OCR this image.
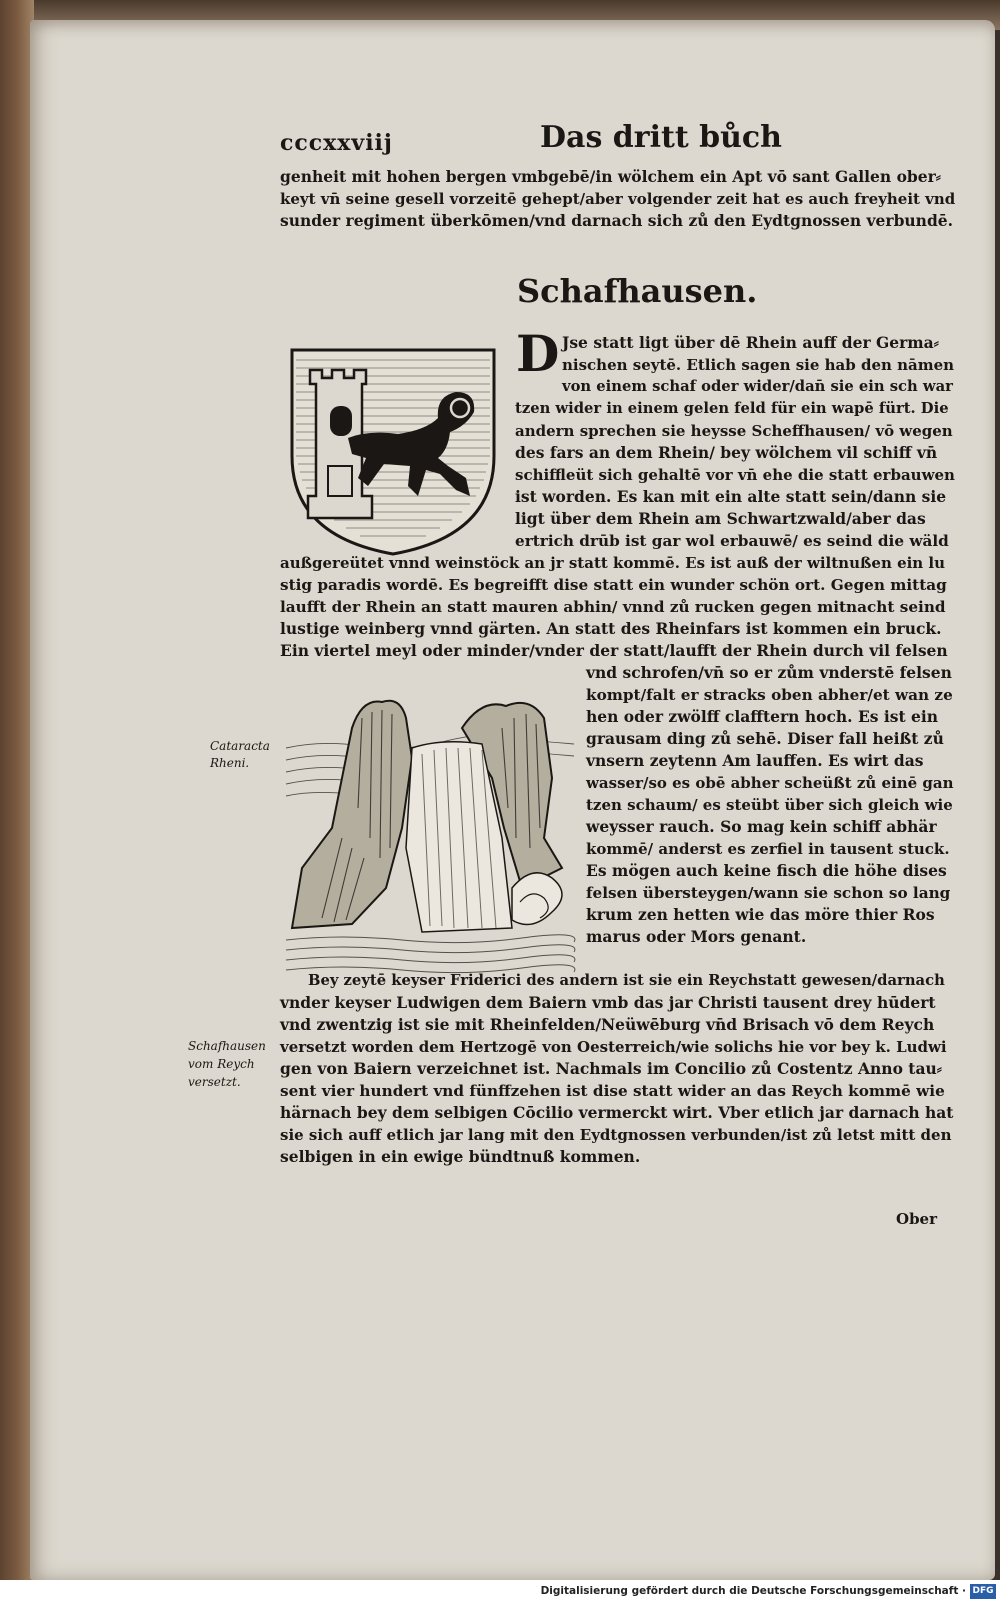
cccxxviij	Das dritt bůch
genheit mit hohen bergen vmbgebē/in wölchem ein Apt vō sant Gallen ober⸗
keyt vn̄ seine gesell vorzeitē gehept/aber volgender zeit hat es auch freyheit vnd
sunder regiment überkōmen/vnd darnach sich zů den Eydtgnossen verbundē.
Schafhausen.
D Jse statt ligt über dē Rhein auff der Germa⸗
nischen seytē. Etlich sagen sie hab den nāmen
von einem schaf oder wider/dan̄ sie ein sch war
tzen wider in einem gelen feld für ein wapē fürt. Die
andern sprechen sie heysse Scheffhausen/ vō wegen
des fars an dem Rhein/ bey wölchem vil schiff vn̄
schiffleüt sich gehaltē vor vn̄ ehe die statt erbauwen
ist worden. Es kan mit ein alte statt sein/dann sie
ligt über dem Rhein am Schwartzwald/aber das
ertrich drūb ist gar wol erbauwē/ es seind die wäld
außgereütet vnnd weinstöck an jr statt kommē. Es ist auß der wiltnußen ein lu
stig paradis wordē. Es begreifft dise statt ein wunder schön ort. Gegen mittag
laufft der Rhein an statt mauren abhin/ vnnd zů rucken gegen mitnacht seind
lustige weinberg vnnd gärten. An statt des Rheinfars ist kommen ein bruck.
Ein viertel meyl oder minder/vnder der statt/laufft der Rhein durch vil felsen
Cataracta
Rheni.
vnd schrofen/vn̄ so er zům vnderstē felsen
kompt/falt er stracks oben abher/et wan ze
hen oder zwölff clafftern hoch. Es ist ein
grausam ding zů sehē. Diser fall heißt zů
vnsern zeytenn Am lauffen. Es wirt das
wasser/so es obē abher scheüßt zů einē gan
tzen schaum/ es steübt über sich gleich wie
weysser rauch. So mag kein schiff abhär
kommē/ anderst es zerfiel in tausent stuck.
Es mögen auch keine fisch die höhe dises
felsen übersteygen/wann sie schon so lang
krum zen hetten wie das möre thier Ros
marus oder Mors genant.
Schafhausen
vom Reych
versetzt.
Bey zeytē keyser Friderici des andern ist sie ein Reychstatt gewesen/darnach
vnder keyser Ludwigen dem Baiern vmb das jar Christi tausent drey hūdert
vnd zwentzig ist sie mit Rheinfelden/Neüwēburg vn̄d Brisach vō dem Reych
versetzt worden dem Hertzogē von Oesterreich/wie solichs hie vor bey k. Ludwi
gen von Baiern verzeichnet ist. Nachmals im Concilio zů Costentz Anno tau⸗
sent vier hundert vnd fünffzehen ist dise statt wider an das Reych kommē wie
härnach bey dem selbigen Cōcilio vermerckt wirt. Vber etlich jar darnach hat
sie sich auff etlich jar lang mit den Eydtgnossen verbunden/ist zů letst mitt den
selbigen in ein ewige bündtnuß kommen.
Ober
Digitalisierung gefördert durch die Deutsche Forschungsgemeinschaft · DFG
